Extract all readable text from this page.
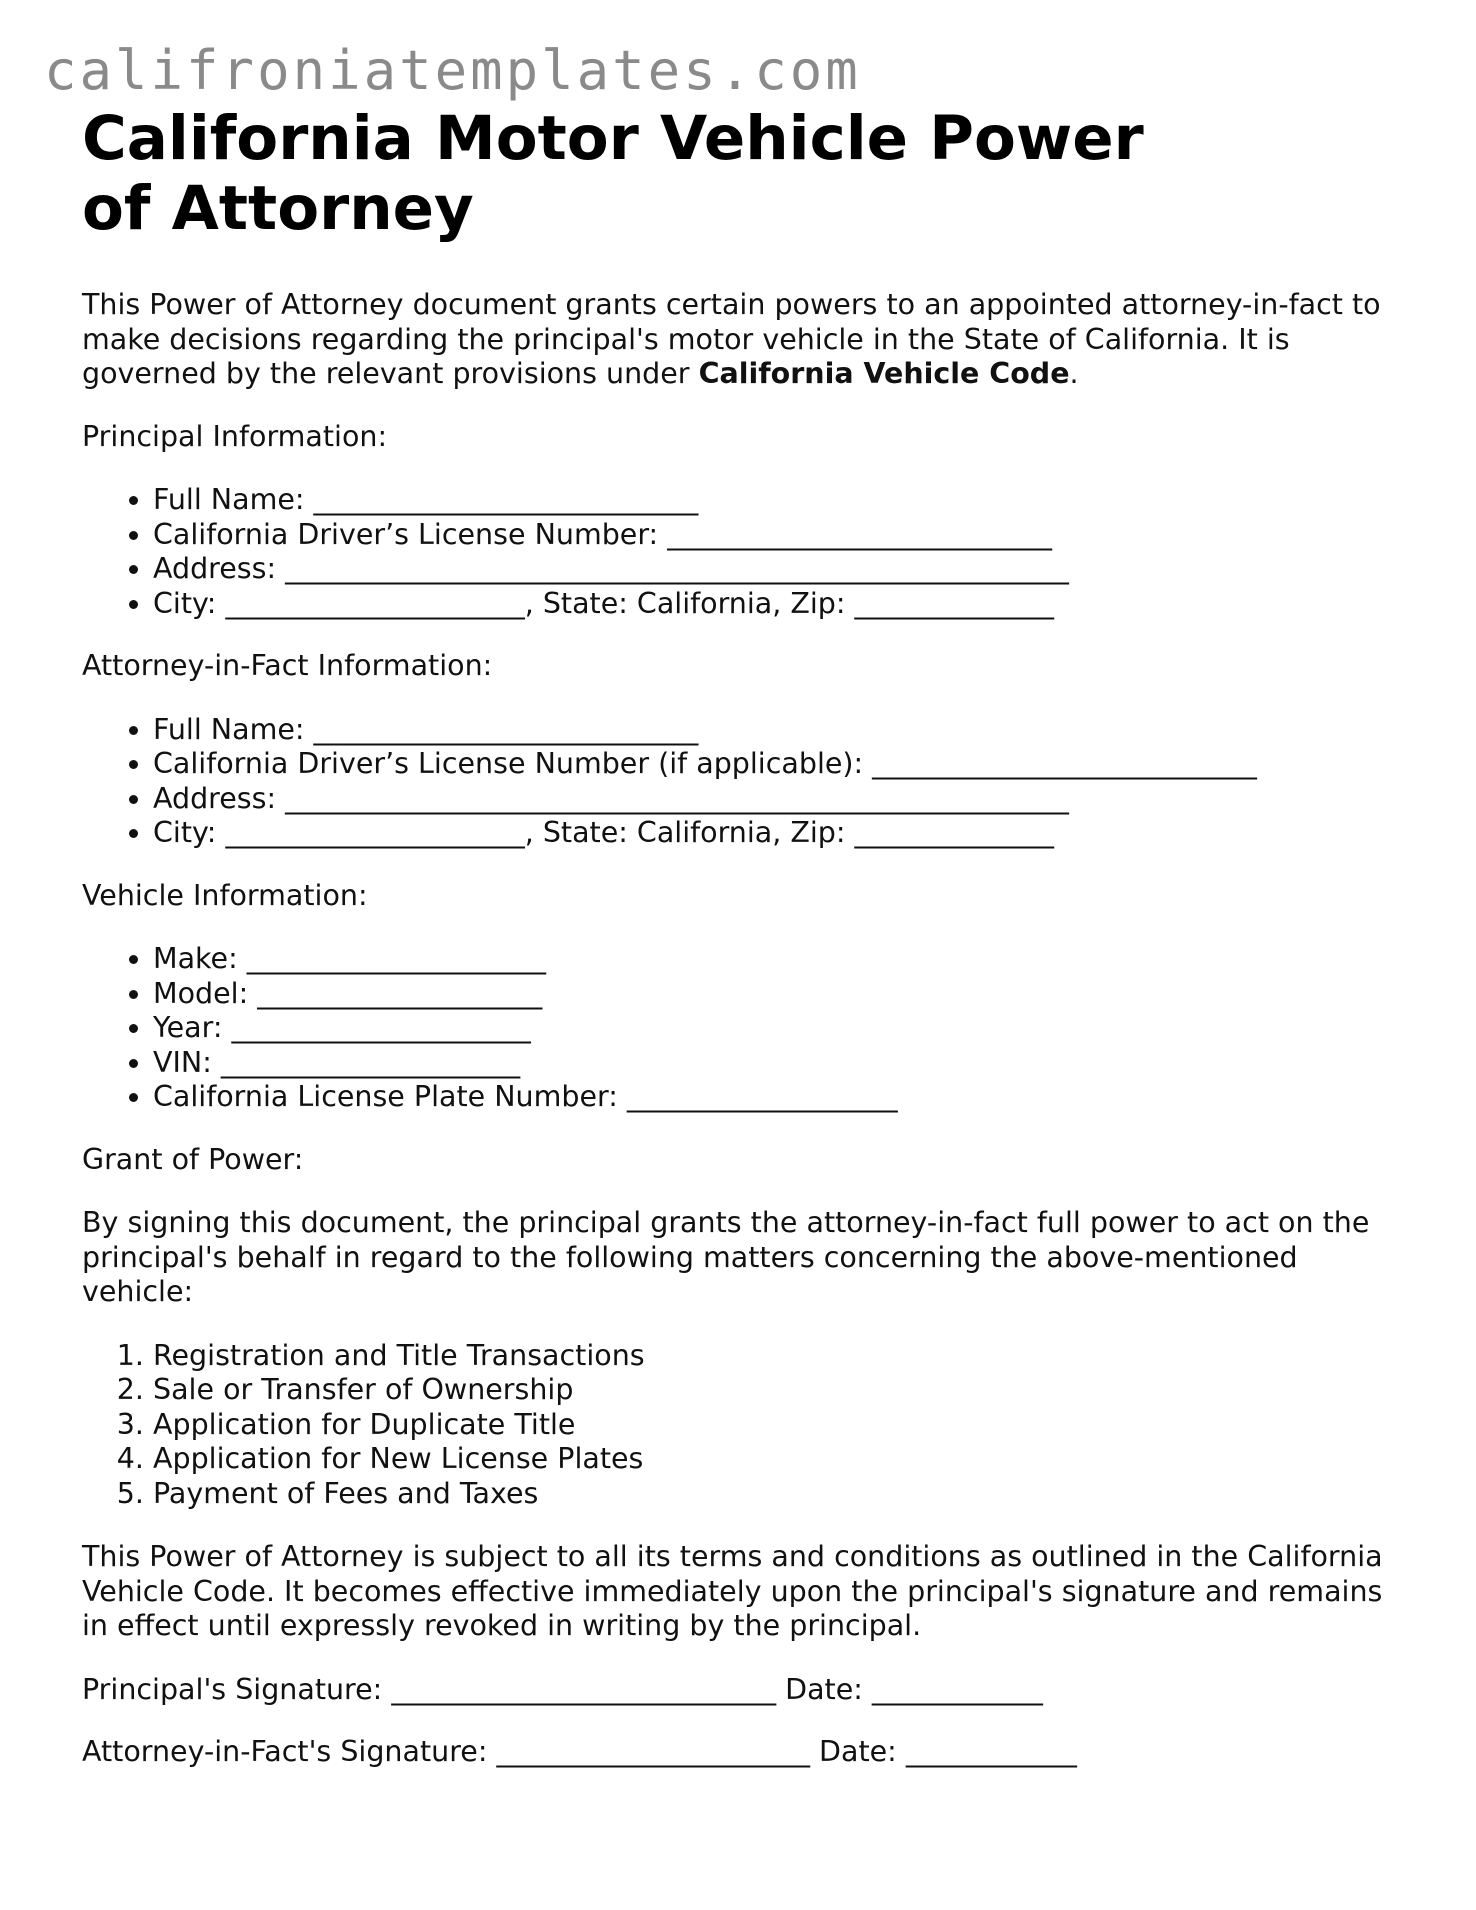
califroniatemplates.com
California Motor Vehicle Power of Attorney

This Power of Attorney document grants certain powers to an appointed attorney-in-fact to make decisions regarding the principal's motor vehicle in the State of California. It is governed by the relevant provisions under California Vehicle Code.

Principal Information:

• Full Name: ___________________________
• California Driver’s License Number: ___________________________
• Address: _______________________________________________________
• City: _____________________, State: California, Zip: ______________

Attorney-in-Fact Information:

• Full Name: ___________________________
• California Driver’s License Number (if applicable): ___________________________
• Address: _______________________________________________________
• City: _____________________, State: California, Zip: ______________

Vehicle Information:

• Make: _____________________
• Model: ____________________
• Year: _____________________
• VIN: _____________________
• California License Plate Number: ___________________

Grant of Power:

By signing this document, the principal grants the attorney-in-fact full power to act on the principal's behalf in regard to the following matters concerning the above-mentioned vehicle:

1. Registration and Title Transactions
2. Sale or Transfer of Ownership
3. Application for Duplicate Title
4. Application for New License Plates
5. Payment of Fees and Taxes

This Power of Attorney is subject to all its terms and conditions as outlined in the California Vehicle Code. It becomes effective immediately upon the principal's signature and remains in effect until expressly revoked in writing by the principal.

Principal's Signature: ___________________________ Date: ____________

Attorney-in-Fact's Signature: ______________________ Date: ____________
